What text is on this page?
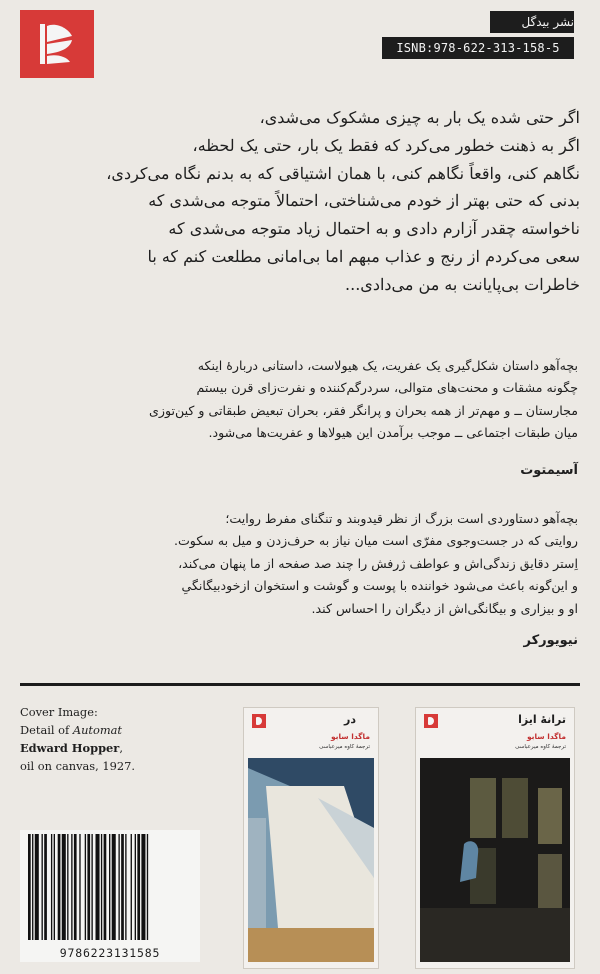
نشر بیدگل
ISNB:978-622-313-158-5
اگر حتی شده یک بار به چیزی مشکوک می‌شدی،
اگر به ذهنت خطور می‌کرد که فقط یک بار، حتی یک لحظه،
نگاهم کنی، واقعاً نگاهم کنی، با همان اشتیاقی که به بدنم نگاه می‌کردی،
بدنی که حتی بهتر از خودم می‌شناختی، احتمالاً متوجه می‌شدی که
ناخواسته چقدر آزارم دادی و به احتمال زیاد متوجه می‌شدی که
سعی می‌کردم از رنج و عذاب مبهم اما بی‌امانی مطلعت کنم که با
خاطرات بی‌پایانت به من می‌دادی...
بچه‌آهو داستان شکل‌گیری یک عفریت، یک هیولاست، داستانی دربارهٔ اینکه
چگونه مشقات و محنت‌های متوالی، سردرگم‌کننده و نفرت‌زای قرن بیستم
مجارستان ــ و مهم‌تر از همه بحران و پرانگر فقر، بحران تبعیض طبقاتی و کین‌توزی
میان طبقات اجتماعی ــ موجب برآمدن این هیولاها و عفریت‌ها می‌شود.
آسیمتوت
بچه‌آهو دستاوردی است بزرگ از نظر قیدوبند و تنگنای مفرط روایت؛
روایتی که در جست‌وجوی مفرّی است میان نیاز به حرف‌زدن و میل به سکوت.
اِستر دقایق زندگی‌اش و عواطف ژرفش را چند صد صفحه از ما پنهان می‌کند،
و این‌گونه باعث می‌شود خواننده با پوست و گوشت و استخوان ازخودبیگانگیِ
او و بیزاری و بیگانگی‌اش از دیگران را احساس کند.
نیویورکر
Cover Image:
Detail of Automat
Edward Hopper,
oil on canvas, 1927.
9786223131585
در
ماگدا سابو
ترجمهٔ کاوه میرعباسی
ترانهٔ ایزا
ماگدا سابو
ترجمهٔ کاوه میرعباسی
